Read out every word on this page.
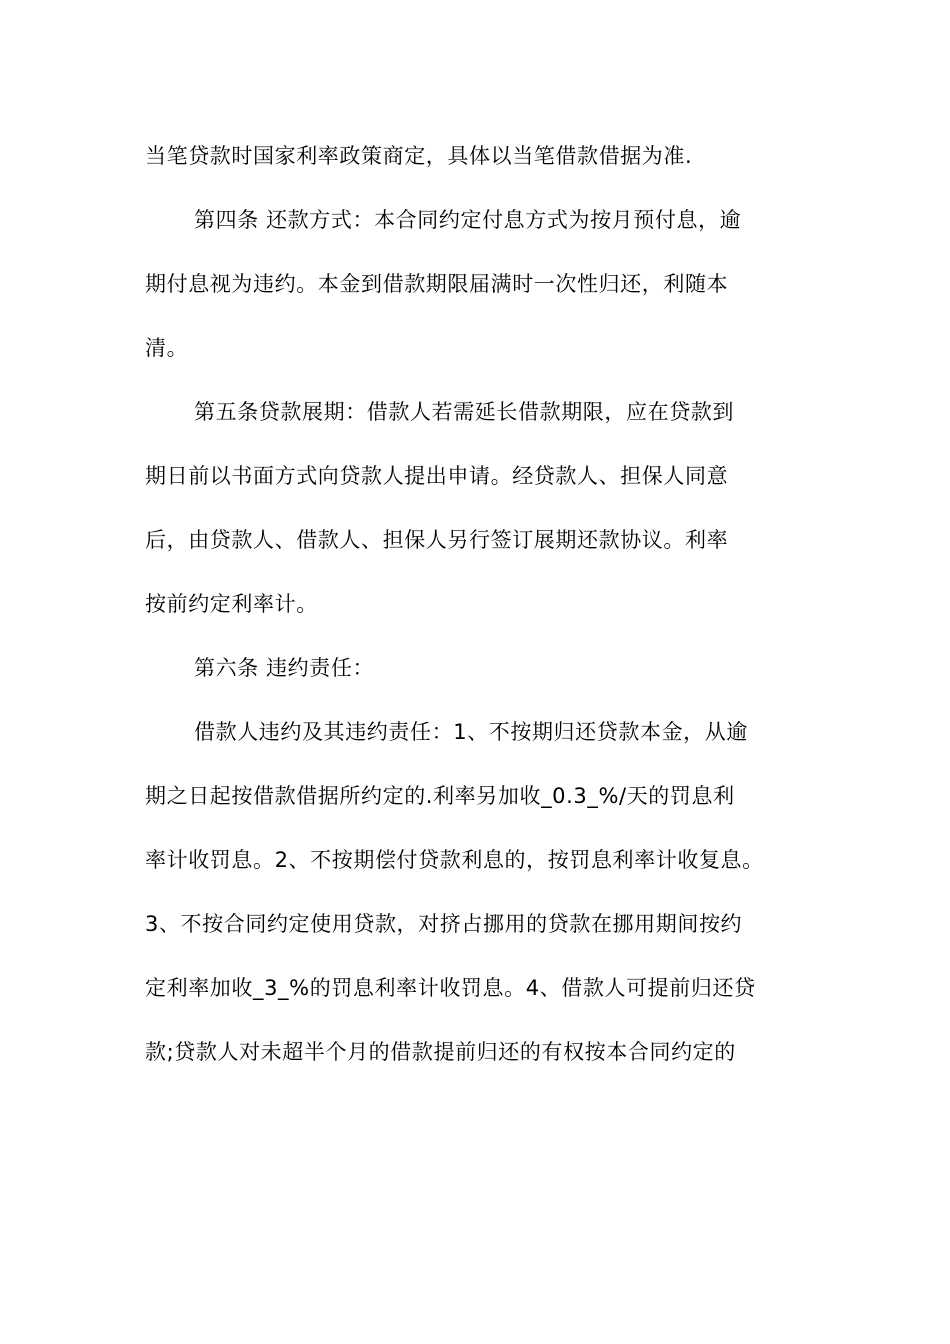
当笔贷款时国家利率政策商定，具体以当笔借款借据为准.
第四条 还款方式：本合同约定付息方式为按月预付息，逾
期付息视为违约。本金到借款期限届满时一次性归还，利随本
清。
第五条贷款展期：借款人若需延长借款期限，应在贷款到
期日前以书面方式向贷款人提出申请。经贷款人、担保人同意
后，由贷款人、借款人、担保人另行签订展期还款协议。利率
按前约定利率计。
第六条 违约责任：
借款人违约及其违约责任：1、不按期归还贷款本金，从逾
期之日起按借款借据所约定的.利率另加收_0.3_%/天的罚息利
率计收罚息。2、不按期偿付贷款利息的，按罚息利率计收复息。
3、不按合同约定使用贷款，对挤占挪用的贷款在挪用期间按约
定利率加收_3_%的罚息利率计收罚息。4、借款人可提前归还贷
款;贷款人对未超半个月的借款提前归还的有权按本合同约定的
